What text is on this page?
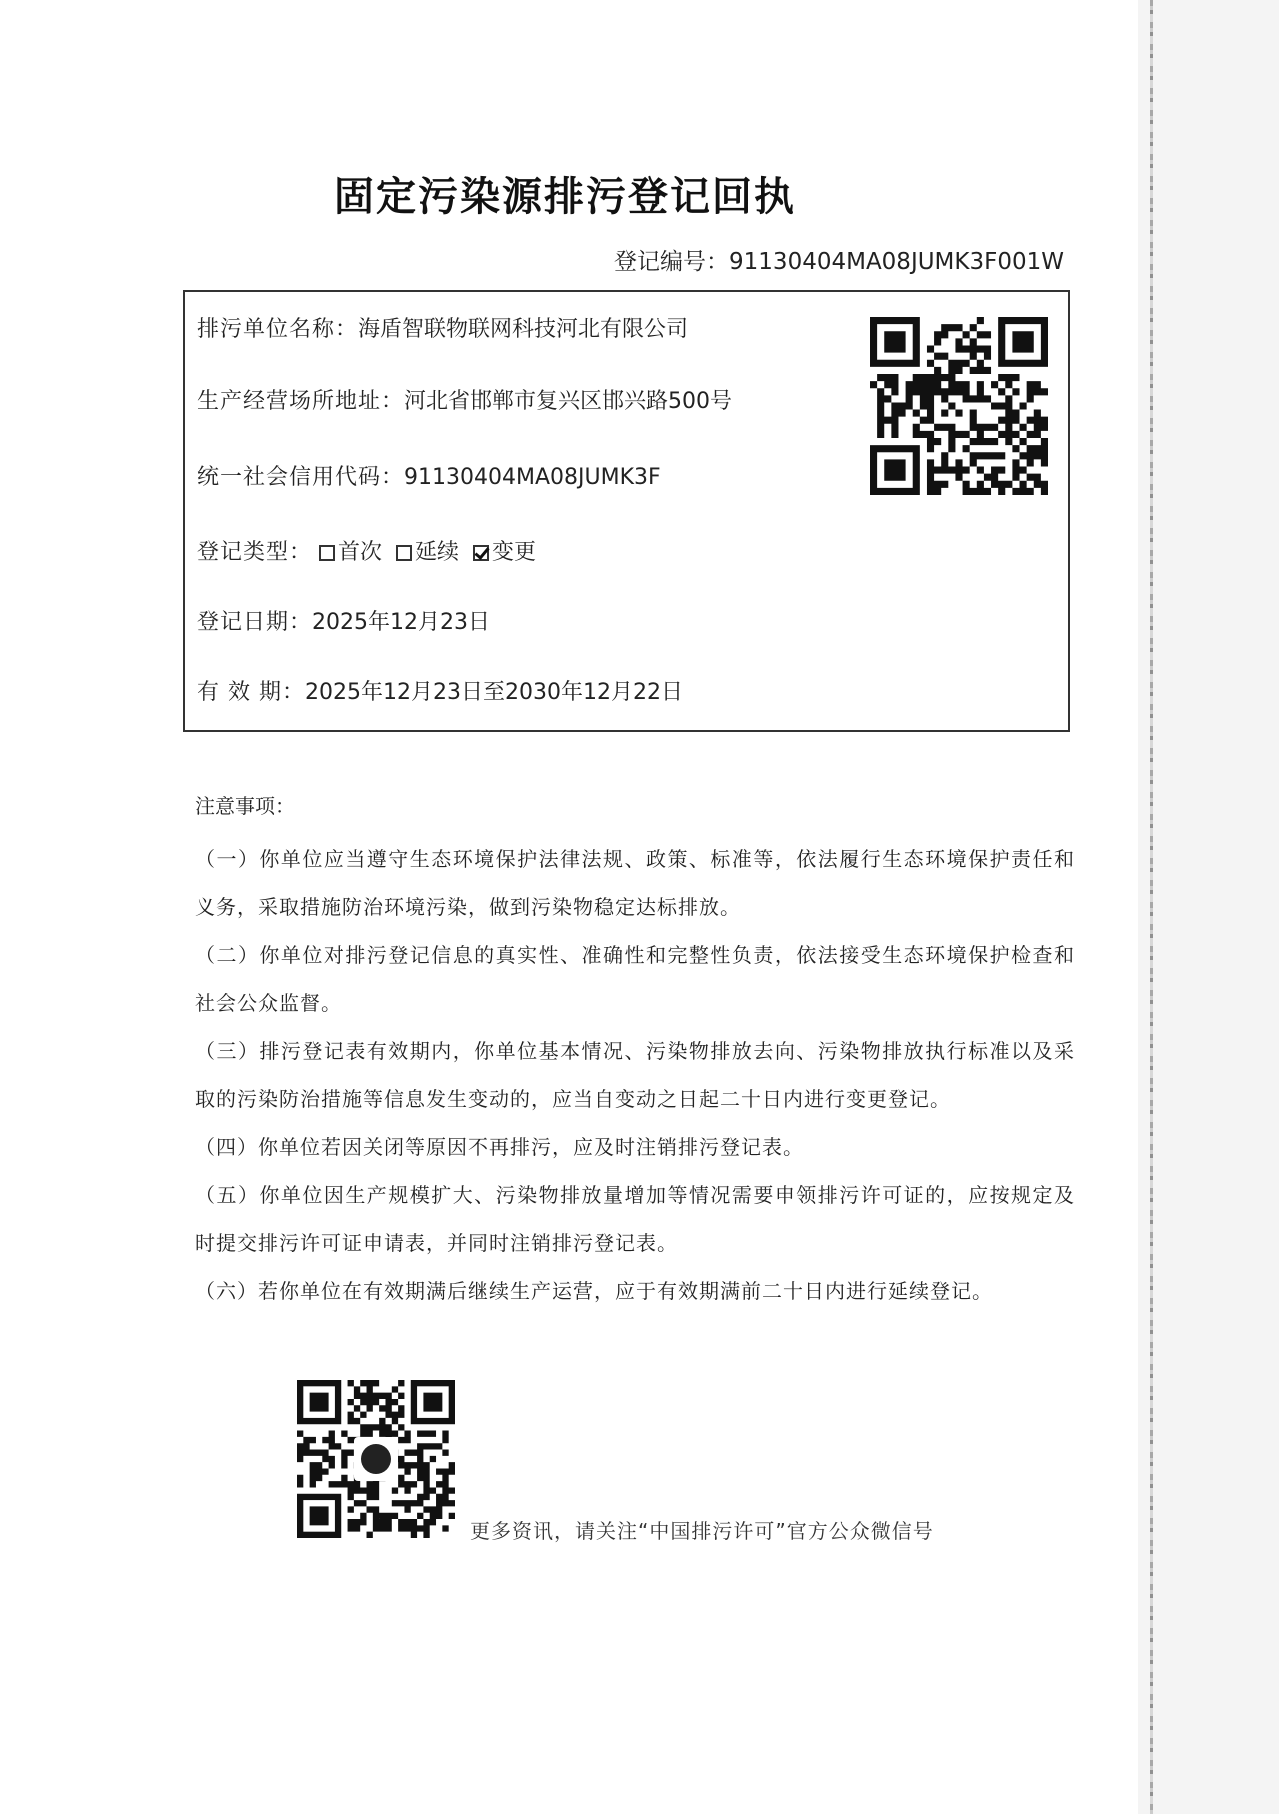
固定污染源排污登记回执
登记编号：91130404MA08JUMK3F001W
排污单位名称：海盾智联物联网科技河北有限公司
生产经营场所地址：河北省邯郸市复兴区邯兴路500号
统一社会信用代码：91130404MA08JUMK3F
登记类型： 首次 延续 变更
登记日期：2025年12月23日
有 效 期：2025年12月23日至2030年12月22日
注意事项：
（一）你单位应当遵守生态环境保护法律法规、政策、标准等，依法履行生态环境保护责任和义务，采取措施防治环境污染，做到污染物稳定达标排放。
（二）你单位对排污登记信息的真实性、准确性和完整性负责，依法接受生态环境保护检查和社会公众监督。
（三）排污登记表有效期内，你单位基本情况、污染物排放去向、污染物排放执行标准以及采取的污染防治措施等信息发生变动的，应当自变动之日起二十日内进行变更登记。
（四）你单位若因关闭等原因不再排污，应及时注销排污登记表。
（五）你单位因生产规模扩大、污染物排放量增加等情况需要申领排污许可证的，应按规定及时提交排污许可证申请表，并同时注销排污登记表。
（六）若你单位在有效期满后继续生产运营，应于有效期满前二十日内进行延续登记。
更多资讯，请关注“中国排污许可”官方公众微信号
